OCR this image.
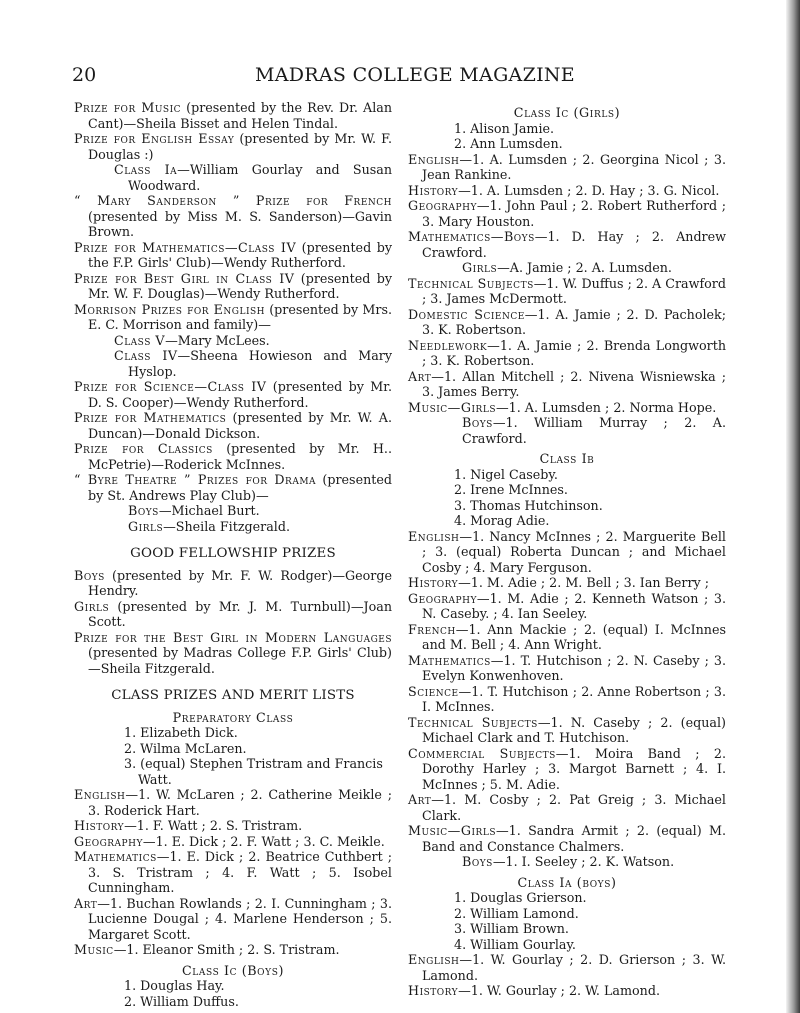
20	MADRAS COLLEGE MAGAZINE

Prize for Music (presented by the Rev. Dr. Alan Cant)—Sheila Bisset and Helen Tindal.

Prize for English Essay (presented by Mr. W. F. Douglas :)

Class Ia—William Gourlay and Susan Woodward.

“ Mary Sanderson ” Prize for French (presented by Miss M. S. Sanderson)—Gavin Brown.

Prize for Mathematics—Class IV (presented by the F.P. Girls' Club)—Wendy Rutherford.

Prize for Best Girl in Class IV (presented by Mr. W. F. Douglas)—Wendy Rutherford.

Morrison Prizes for English (presented by Mrs. E. C. Morrison and family)—

Class V—Mary McLees.

Class IV—Sheena Howieson and Mary Hyslop.

Prize for Science—Class IV (presented by Mr. D. S. Cooper)—Wendy Rutherford.

Prize for Mathematics (presented by Mr. W. A. Duncan)—Donald Dickson.

Prize for Classics (presented by Mr. H.. McPetrie)—Roderick McInnes.

“ Byre Theatre ” Prizes for Drama (presented by St. Andrews Play Club)—

Boys—Michael Burt.

Girls—Sheila Fitzgerald.

GOOD FELLOWSHIP PRIZES

Boys (presented by Mr. F. W. Rodger)—George Hendry.

Girls (presented by Mr. J. M. Turnbull)—Joan Scott.

Prize for the Best Girl in Modern Languages (presented by Madras College F.P. Girls' Club)—Sheila Fitzgerald.

CLASS PRIZES AND MERIT LISTS

Preparatory Class

1. Elizabeth Dick.

2. Wilma McLaren.

3. (equal) Stephen Tristram and Francis Watt.

English—1. W. McLaren ; 2. Catherine Meikle ; 3. Roderick Hart.

History—1. F. Watt ; 2. S. Tristram.

Geography—1. E. Dick ; 2. F. Watt ; 3. C. Meikle.

Mathematics—1. E. Dick ; 2. Beatrice Cuthbert ; 3. S. Tristram ; 4. F. Watt ; 5. Isobel Cunningham.

Art—1. Buchan Rowlands ; 2. I. Cunningham ; 3. Lucienne Dougal ; 4. Marlene Henderson ; 5. Margaret Scott.

Music—1. Eleanor Smith ; 2. S. Tristram.

Class Ic (Boys)

1. Douglas Hay.

2. William Duffus.

Class Ic (Girls)

1. Alison Jamie.

2. Ann Lumsden.

English—1. A. Lumsden ; 2. Georgina Nicol ; 3. Jean Rankine.

History—1. A. Lumsden ; 2. D. Hay ; 3. G. Nicol.

Geography—1. John Paul ; 2. Robert Rutherford ; 3. Mary Houston.

Mathematics—Boys—1. D. Hay ; 2. Andrew Crawford.

Girls—A. Jamie ; 2. A. Lumsden.

Technical Subjects—1. W. Duffus ; 2. A Crawford ; 3. James McDermott.

Domestic Science—1. A. Jamie ; 2. D. Pacholek; 3. K. Robertson.

Needlework—1. A. Jamie ; 2. Brenda Longworth ; 3. K. Robertson.

Art—1. Allan Mitchell ; 2. Nivena Wisniewska ; 3. James Berry.

Music—Girls—1. A. Lumsden ; 2. Norma Hope.

Boys—1. William Murray ; 2. A. Crawford.

Class Ib

1. Nigel Caseby.

2. Irene McInnes.

3. Thomas Hutchinson.

4. Morag Adie.

English—1. Nancy McInnes ; 2. Marguerite Bell ; 3. (equal) Roberta Duncan ; and Michael Cosby ; 4. Mary Ferguson.

History—1. M. Adie ; 2. M. Bell ; 3. Ian Berry ;

Geography—1. M. Adie ; 2. Kenneth Watson ; 3. N. Caseby. ; 4. Ian Seeley.

French—1. Ann Mackie ; 2. (equal) I. McInnes and M. Bell ; 4. Ann Wright.

Mathematics—1. T. Hutchison ; 2. N. Caseby ; 3. Evelyn Konwenhoven.

Science—1. T. Hutchison ; 2. Anne Robertson ; 3. I. McInnes.

Technical Subjects—1. N. Caseby ; 2. (equal) Michael Clark and T. Hutchison.

Commercial Subjects—1. Moira Band ; 2. Dorothy Harley ; 3. Margot Barnett ; 4. I. McInnes ; 5. M. Adie.

Art—1. M. Cosby ; 2. Pat Greig ; 3. Michael Clark.

Music—Girls—1. Sandra Armit ; 2. (equal) M. Band and Constance Chalmers.

Boys—1. I. Seeley ; 2. K. Watson.

Class Ia (boys)

1. Douglas Grierson.

2. William Lamond.

3. William Brown.

4. William Gourlay.

English—1. W. Gourlay ; 2. D. Grierson ; 3. W. Lamond.

History—1. W. Gourlay ; 2. W. Lamond.
